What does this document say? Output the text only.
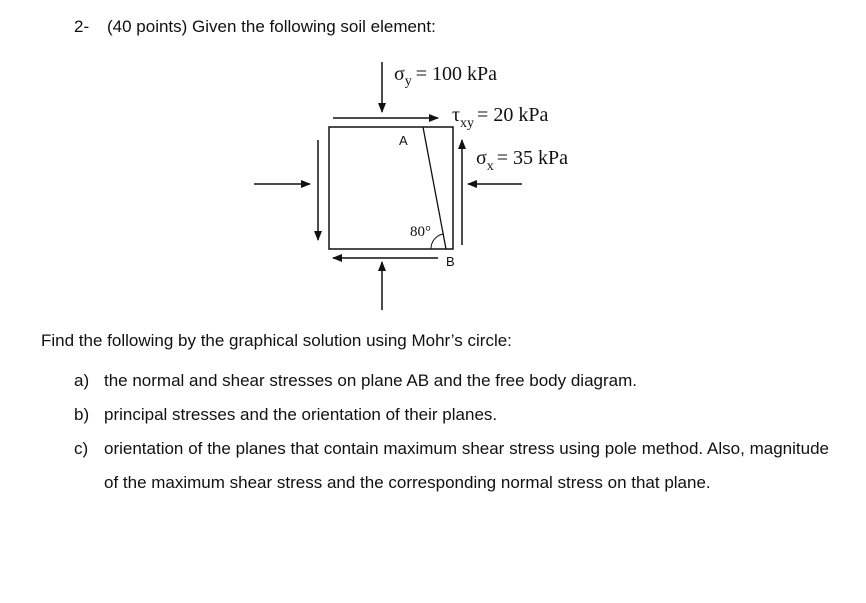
2- (40 points) Given the following soil element:
$\sigma_y = 100$ kPa
$\tau_{xy} = 20$ kPa
$\sigma_x = 35$ kPa
A
B
80°
Find the following by the graphical solution using Mohr’s circle:

a) the normal and shear stresses on plane AB and the free body diagram.

b) principal stresses and the orientation of their planes.

c) orientation of the planes that contain maximum shear stress using pole method. Also, magnitude of the maximum shear stress and the corresponding normal stress on that plane.
